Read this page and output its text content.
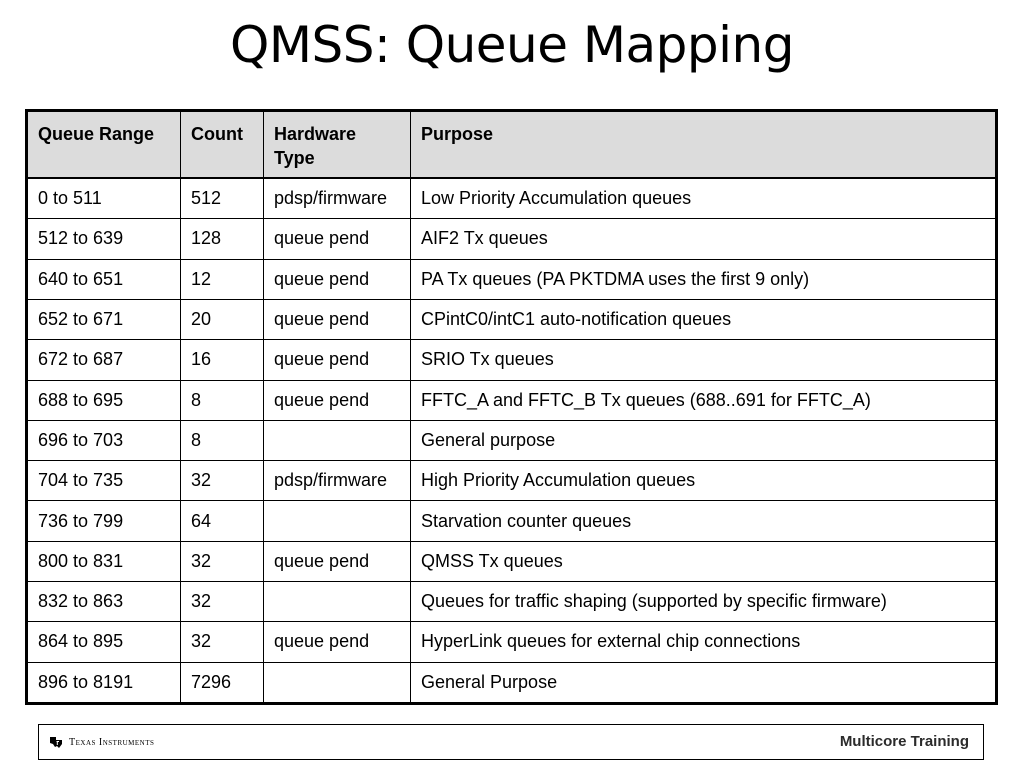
QMSS: Queue Mapping
Queue Range	Count	Hardware Type	Purpose
0 to 511	512	pdsp/firmware	Low Priority Accumulation queues
512 to 639	128	queue pend	AIF2 Tx queues
640 to 651	12	queue pend	PA Tx queues (PA PKTDMA uses the first 9 only)
652 to 671	20	queue pend	CPintC0/intC1 auto-notification queues
672 to 687	16	queue pend	SRIO Tx queues
688 to 695	8	queue pend	FFTC_A and FFTC_B Tx queues (688..691 for FFTC_A)
696 to 703	8		General purpose
704 to 735	32	pdsp/firmware	High Priority Accumulation queues
736 to 799	64		Starvation counter queues
800 to 831	32	queue pend	QMSS Tx queues
832 to 863	32		Queues for traffic shaping (supported by specific firmware)
864 to 895	32	queue pend	HyperLink queues for external chip connections
896 to 8191	7296		General Purpose
Texas Instruments	Multicore Training
